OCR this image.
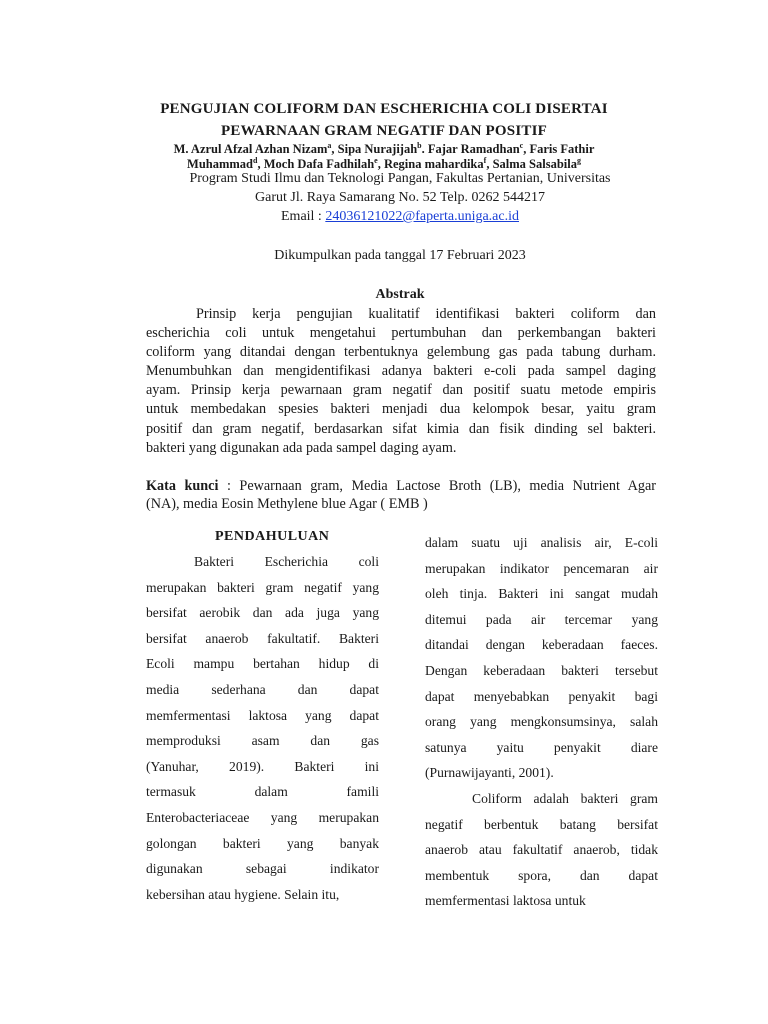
PENGUJIAN COLIFORM DAN ESCHERICHIA COLI DISERTAI
PEWARNAAN GRAM NEGATIF DAN POSITIF
M. Azrul Afzal Azhan Nizam$^a$, Sipa Nurajijah$^b$. Fajar Ramadhan$^c$, Faris Fathir
Muhammad$^d$, Moch Dafa Fadhilah$^e$, Regina mahardika$^f$, Salma Salsabila$^g$
Program Studi Ilmu dan Teknologi Pangan, Fakultas Pertanian, Universitas
Garut Jl. Raya Samarang No. 52 Telp. 0262 544217
Email : 24036121022@faperta.uniga.ac.id
Dikumpulkan pada tanggal 17 Februari 2023
Abstrak
Prinsip kerja pengujian kualitatif identifikasi bakteri coliform dan
escherichia coli untuk mengetahui pertumbuhan dan perkembangan bakteri
coliform yang ditandai dengan terbentuknya gelembung gas pada tabung durham.
Menumbuhkan dan mengidentifikasi adanya bakteri e-coli pada sampel daging
ayam. Prinsip kerja pewarnaan gram negatif dan positif suatu metode empiris
untuk membedakan spesies bakteri menjadi dua kelompok besar, yaitu gram
positif dan gram negatif, berdasarkan sifat kimia dan fisik dinding sel bakteri.
bakteri yang digunakan ada pada sampel daging ayam.
Kata kunci : Pewarnaan gram, Media Lactose Broth (LB), media Nutrient Agar
(NA), media Eosin Methylene blue Agar ( EMB )
PENDAHULUAN
Bakteri Escherichia coli
merupakan bakteri gram negatif yang
bersifat aerobik dan ada juga yang
bersifat anaerob fakultatif. Bakteri
Ecoli mampu bertahan hidup di
media sederhana dan dapat
memfermentasi laktosa yang dapat
memproduksi asam dan gas
(Yanuhar, 2019). Bakteri ini
termasuk dalam famili
Enterobacteriaceae yang merupakan
golongan bakteri yang banyak
digunakan sebagai indikator
kebersihan atau hygiene. Selain itu,
dalam suatu uji analisis air, E-coli
merupakan indikator pencemaran air
oleh tinja. Bakteri ini sangat mudah
ditemui pada air tercemar yang
ditandai dengan keberadaan faeces.
Dengan keberadaan bakteri tersebut
dapat menyebabkan penyakit bagi
orang yang mengkonsumsinya, salah
satunya yaitu penyakit diare
(Purnawijayanti, 2001).
Coliform adalah bakteri gram
negatif berbentuk batang bersifat
anaerob atau fakultatif anaerob, tidak
membentuk spora, dan dapat
memfermentasi laktosa untuk
